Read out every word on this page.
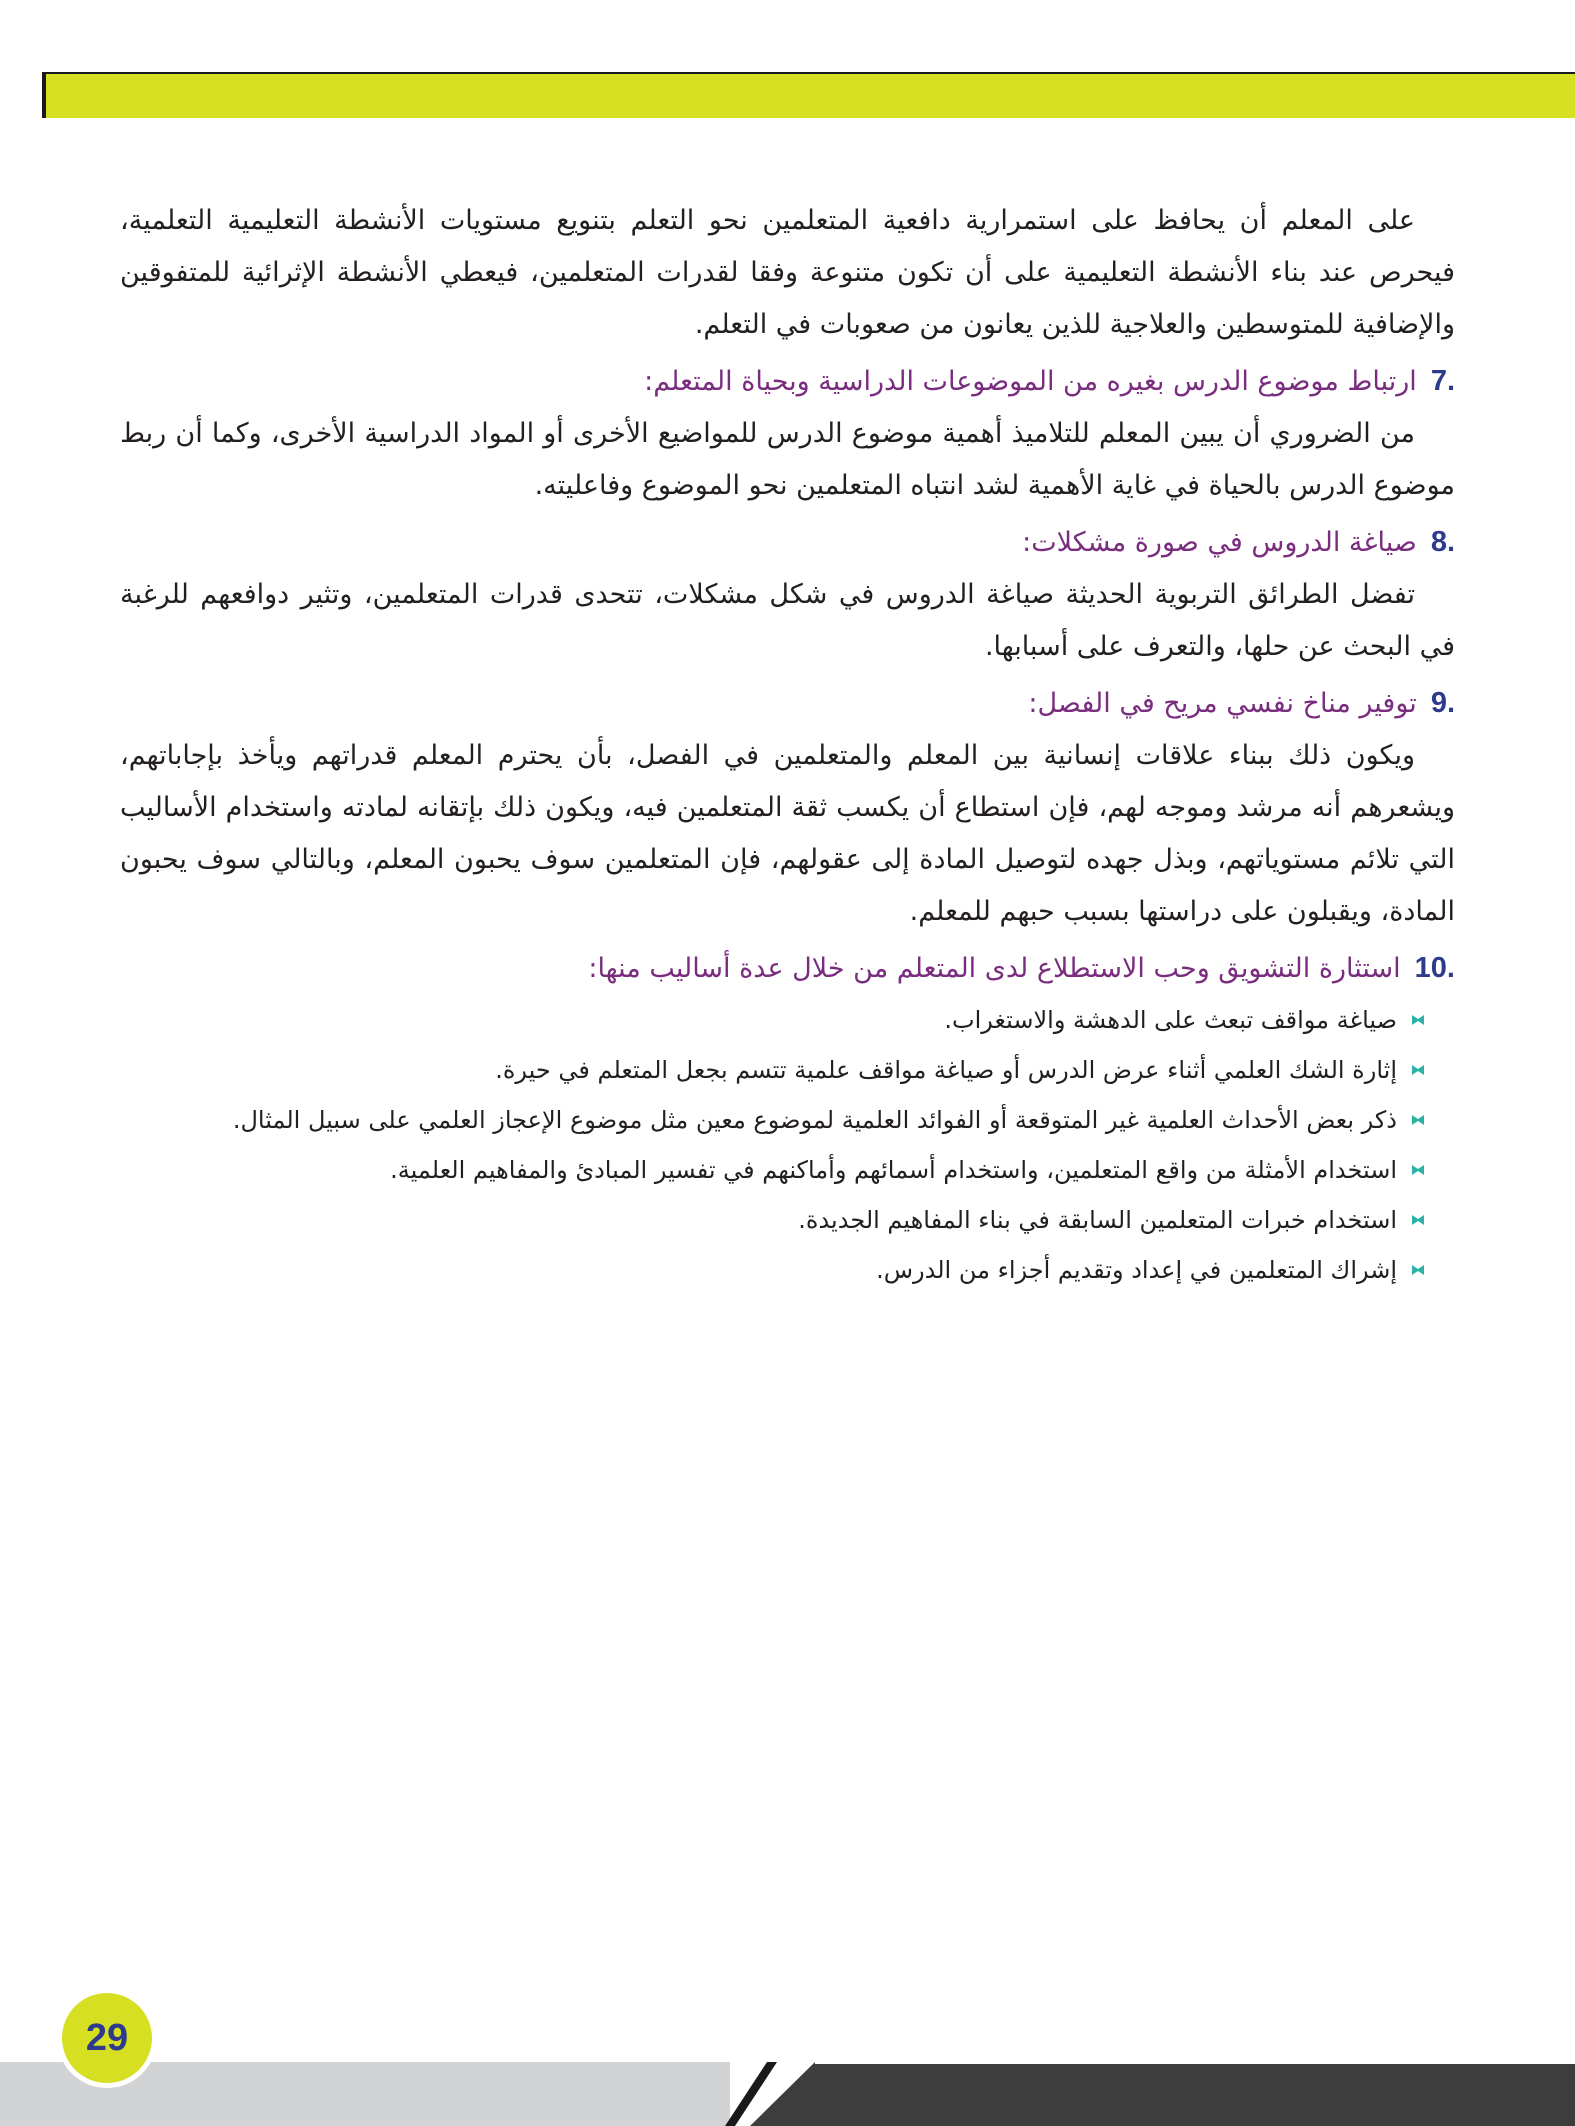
على المعلم أن يحافظ على استمرارية دافعية المتعلمين نحو التعلم بتنويع مستويات الأنشطة التعليمية التعلمية، فيحرص عند بناء الأنشطة التعليمية على أن تكون متنوعة وفقا لقدرات المتعلمين، فيعطي الأنشطة الإثرائية للمتفوقين والإضافية للمتوسطين والعلاجية للذين يعانون من صعوبات في التعلم.

7.
ارتباط موضوع الدرس بغيره من الموضوعات الدراسية وبحياة المتعلم:

من الضروري أن يبين المعلم للتلاميذ أهمية موضوع الدرس للمواضيع الأخرى أو المواد الدراسية الأخرى، وكما أن ربط موضوع الدرس بالحياة في غاية الأهمية لشد انتباه المتعلمين نحو الموضوع وفاعليته.

8.
صياغة الدروس في صورة مشكلات:

تفضل الطرائق التربوية الحديثة صياغة الدروس في شكل مشكلات، تتحدى قدرات المتعلمين، وتثير دوافعهم للرغبة في البحث عن حلها، والتعرف على أسبابها.

9.
توفير مناخ نفسي مريح في الفصل:

ويكون ذلك ببناء علاقات إنسانية بين المعلم والمتعلمين في الفصل، بأن يحترم المعلم قدراتهم ويأخذ بإجاباتهم، ويشعرهم أنه مرشد وموجه لهم، فإن استطاع أن يكسب ثقة المتعلمين فيه، ويكون ذلك بإتقانه لمادته واستخدام الأساليب التي تلائم مستوياتهم، وبذل جهده لتوصيل المادة إلى عقولهم، فإن المتعلمين سوف يحبون المعلم، وبالتالي سوف يحبون المادة، ويقبلون على دراستها بسبب حبهم للمعلم.

10.
استثارة التشويق وحب الاستطلاع لدى المتعلم من خلال عدة أساليب منها:
صياغة مواقف تبعث على الدهشة والاستغراب.
إثارة الشك العلمي أثناء عرض الدرس أو صياغة مواقف علمية تتسم بجعل المتعلم في حيرة.
ذكر بعض الأحداث العلمية غير المتوقعة أو الفوائد العلمية لموضوع معين مثل موضوع الإعجاز العلمي على سبيل المثال.
استخدام الأمثلة من واقع المتعلمين، واستخدام أسمائهم وأماكنهم في تفسير المبادئ والمفاهيم العلمية.
استخدام خبرات المتعلمين السابقة في بناء المفاهيم الجديدة.
إشراك المتعلمين في إعداد وتقديم أجزاء من الدرس.
29
